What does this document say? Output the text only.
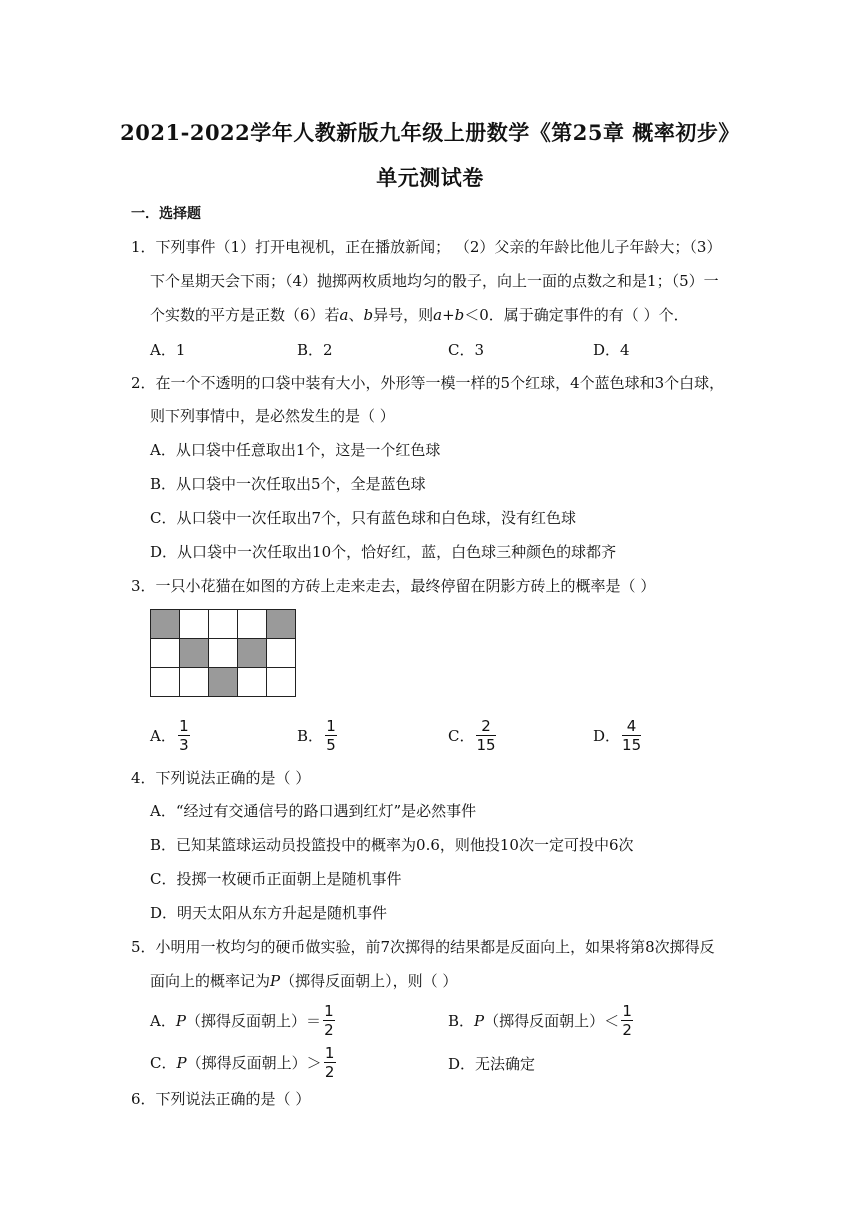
2021-2022学年人教新版九年级上册数学《第25章 概率初步》
单元测试卷
一．选择题
1．下列事件（1）打开电视机，正在播放新闻； （2）父亲的年龄比他儿子年龄大；（3）
下个星期天会下雨；（4）抛掷两枚质地均匀的骰子，向上一面的点数之和是1；（5）一
个实数的平方是正数（6）若a、b异号，则a+b＜0．属于确定事件的有（ ）个．
A．1	B．2	C．3	D．4
2．在一个不透明的口袋中装有大小，外形等一模一样的5个红球，4个蓝色球和3个白球，
则下列事情中，是必然发生的是（ ）
A．从口袋中任意取出1个，这是一个红色球
B．从口袋中一次任取出5个，全是蓝色球
C．从口袋中一次任取出7个，只有蓝色球和白色球，没有红色球
D．从口袋中一次任取出10个，恰好红，蓝，白色球三种颜色的球都齐
3．一只小花猫在如图的方砖上走来走去，最终停留在阴影方砖上的概率是（ ）

A． $\frac{1}{3}$	B． $\frac{1}{5}$	C． $\frac{2}{15}$	D． $\frac{4}{15}$
4．下列说法正确的是（ ）
A．“经过有交通信号的路口遇到红灯”是必然事件
B．已知某篮球运动员投篮投中的概率为0.6，则他投10次一定可投中6次
C．投掷一枚硬币正面朝上是随机事件
D．明天太阳从东方升起是随机事件
5．小明用一枚均匀的硬币做实验，前7次掷得的结果都是反面向上，如果将第8次掷得反
面向上的概率记为P（掷得反面朝上），则（ ）
A． P （掷得反面朝上）＝ $\frac{1}{2}$	B． P （掷得反面朝上）＜ $\frac{1}{2}$
C． P （掷得反面朝上）＞ $\frac{1}{2}$	D．无法确定
6．下列说法正确的是（ ）
